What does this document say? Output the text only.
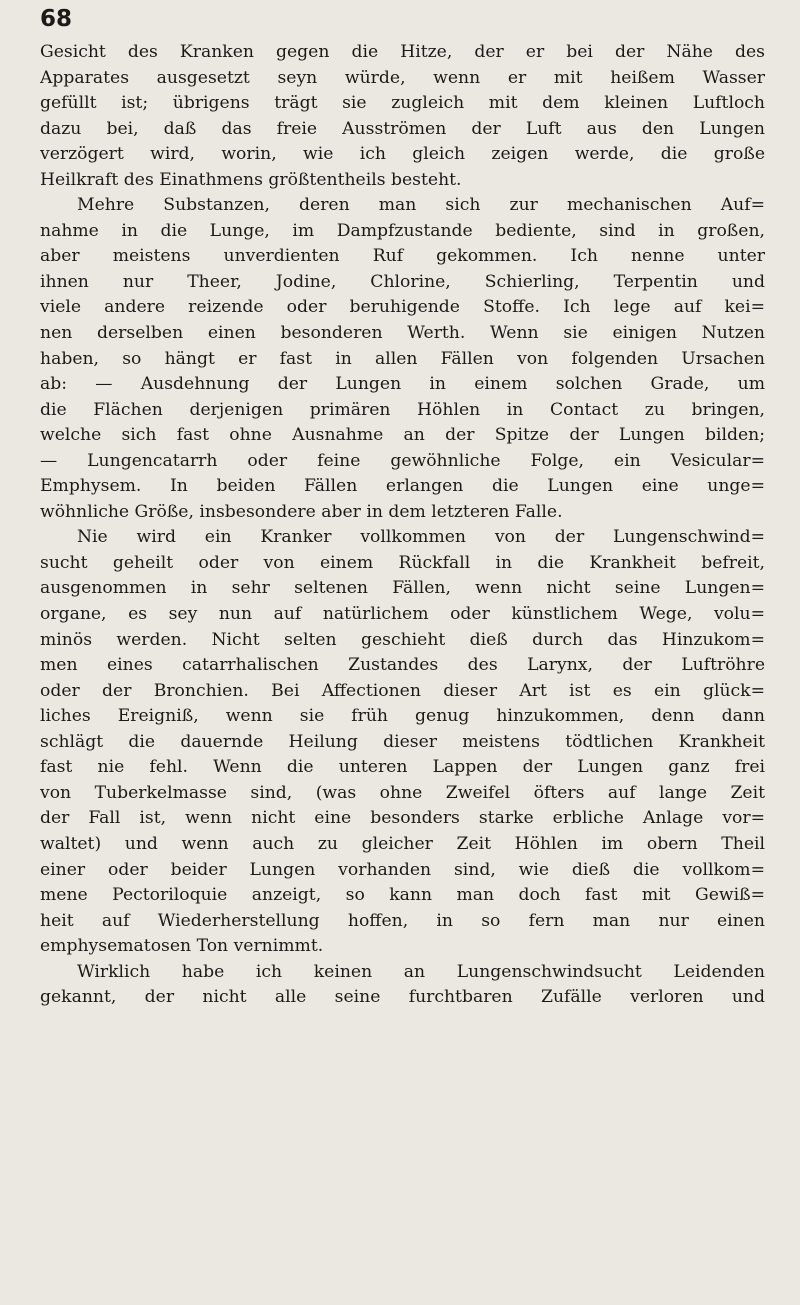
68
Gesicht des Kranken gegen die Hitze, der er bei der Nähe des
Apparates ausgesetzt seyn würde, wenn er mit heißem Wasser
gefüllt ist; übrigens trägt sie zugleich mit dem kleinen Luftloch
dazu bei, daß das freie Ausströmen der Luft aus den Lungen
verzögert wird, worin, wie ich gleich zeigen werde, die große
Heilkraft des Einathmens größtentheils besteht.
Mehre Substanzen, deren man sich zur mechanischen Auf=
nahme in die Lunge, im Dampfzustande bediente, sind in großen,
aber meistens unverdienten Ruf gekommen. Ich nenne unter
ihnen nur Theer, Jodine, Chlorine, Schierling, Terpentin und
viele andere reizende oder beruhigende Stoffe. Ich lege auf kei=
nen derselben einen besonderen Werth. Wenn sie einigen Nutzen
haben, so hängt er fast in allen Fällen von folgenden Ursachen
ab: — Ausdehnung der Lungen in einem solchen Grade, um
die Flächen derjenigen primären Höhlen in Contact zu bringen,
welche sich fast ohne Ausnahme an der Spitze der Lungen bilden;
— Lungencatarrh oder feine gewöhnliche Folge, ein Vesicular=
Emphysem. In beiden Fällen erlangen die Lungen eine unge=
wöhnliche Größe, insbesondere aber in dem letzteren Falle.
Nie wird ein Kranker vollkommen von der Lungenschwind=
sucht geheilt oder von einem Rückfall in die Krankheit befreit,
ausgenommen in sehr seltenen Fällen, wenn nicht seine Lungen=
organe, es sey nun auf natürlichem oder künstlichem Wege, volu=
minös werden. Nicht selten geschieht dieß durch das Hinzukom=
men eines catarrhalischen Zustandes des Larynx, der Luftröhre
oder der Bronchien. Bei Affectionen dieser Art ist es ein glück=
liches Ereigniß, wenn sie früh genug hinzukommen, denn dann
schlägt die dauernde Heilung dieser meistens tödtlichen Krankheit
fast nie fehl. Wenn die unteren Lappen der Lungen ganz frei
von Tuberkelmasse sind, (was ohne Zweifel öfters auf lange Zeit
der Fall ist, wenn nicht eine besonders starke erbliche Anlage vor=
waltet) und wenn auch zu gleicher Zeit Höhlen im obern Theil
einer oder beider Lungen vorhanden sind, wie dieß die vollkom=
mene Pectoriloquie anzeigt, so kann man doch fast mit Gewiß=
heit auf Wiederherstellung hoffen, in so fern man nur einen
emphysematosen Ton vernimmt.
Wirklich habe ich keinen an Lungenschwindsucht Leidenden
gekannt, der nicht alle seine furchtbaren Zufälle verloren und
